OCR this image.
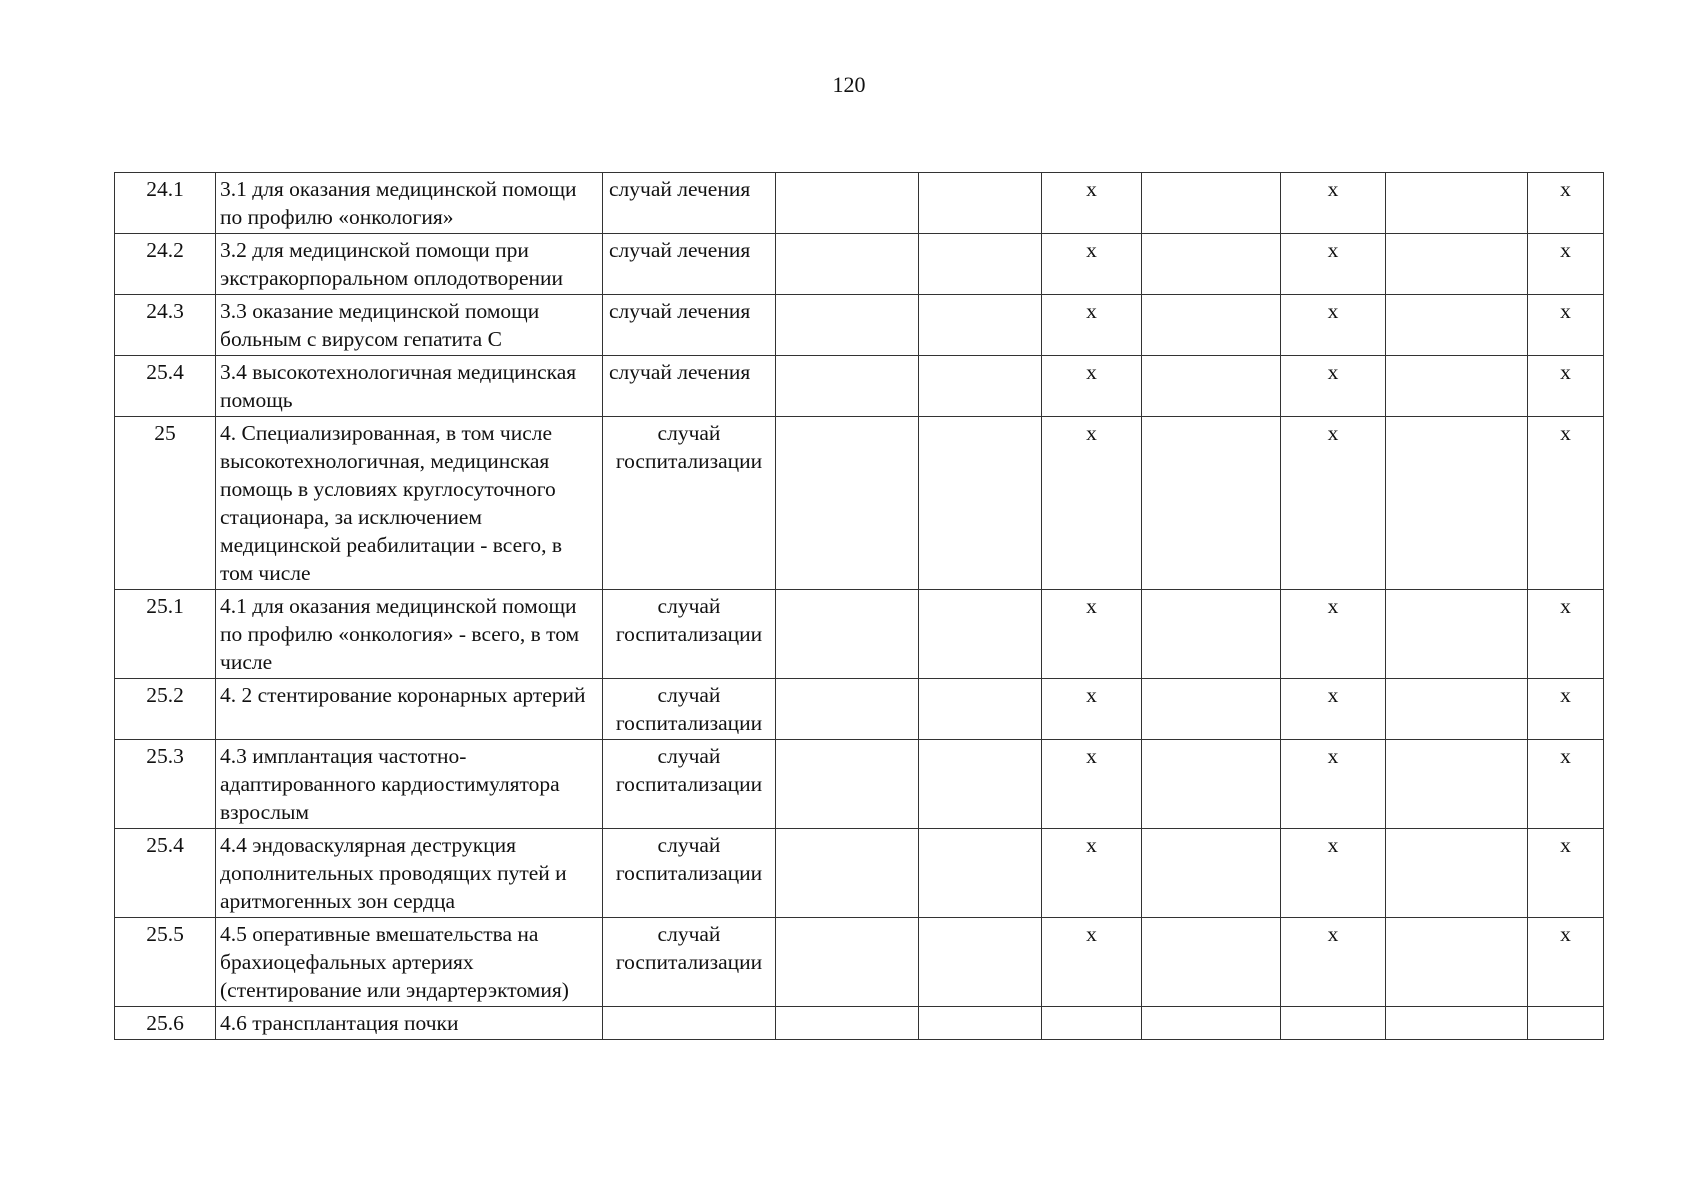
120
24.1	3.1 для оказания медицинской помощи по профилю «онкология»	случай лечения			х		х		х
24.2	3.2 для медицинской помощи при экстракорпоральном оплодотворении	случай лечения			х		х		х
24.3	3.3 оказание медицинской помощи больным с вирусом гепатита С	случай лечения			х		х		х
25.4	3.4 высокотехнологичная медицинская помощь	случай лечения			х		х		х
25	4. Специализированная, в том числе высокотехнологичная, медицинская помощь в условиях круглосуточного стационара, за исключением медицинской реабилитации - всего, в том числе	случай госпитализации			х		х		х
25.1	4.1 для оказания медицинской помощи по профилю «онкология» - всего, в том числе	случай госпитализации			х		х		х
25.2	4. 2 стентирование коронарных артерий	случай госпитализации			х		х		х
25.3	4.3 имплантация частотно-адаптированного кардиостимулятора взрослым	случай госпитализации			х		х		х
25.4	4.4 эндоваскулярная деструкция дополнительных проводящих путей и аритмогенных зон сердца	случай госпитализации			х		х		х
25.5	4.5 оперативные вмешательства на брахиоцефальных артериях (стентирование или эндартерэктомия)	случай госпитализации			х		х		х
25.6	4.6 трансплантация почки								
